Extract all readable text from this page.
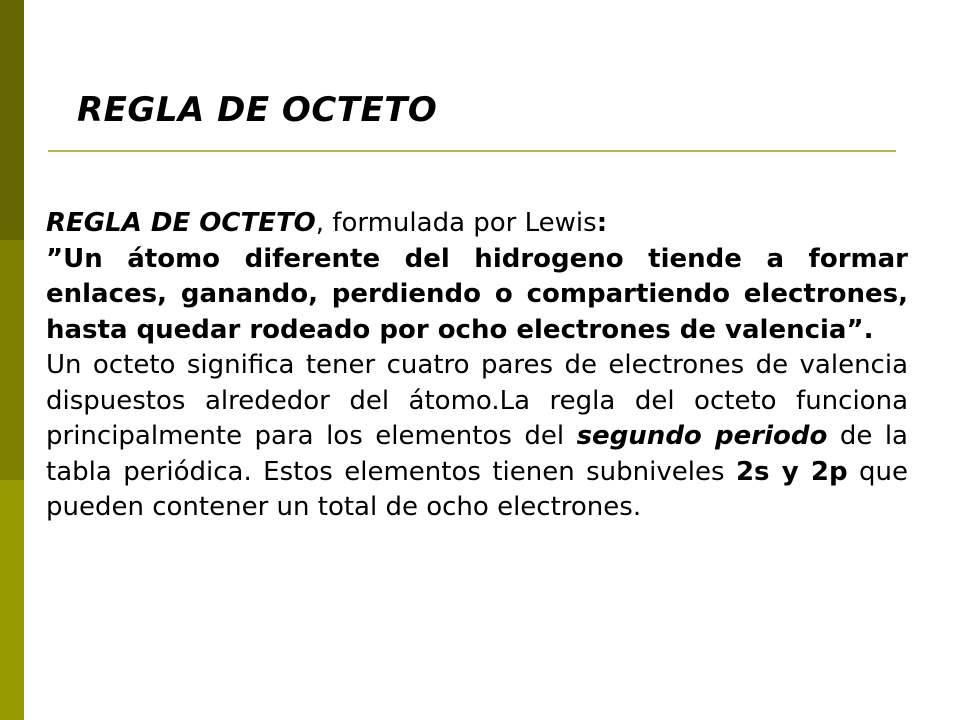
REGLA DE OCTETO

REGLA DE OCTETO, formulada por Lewis:

”Un átomo diferente del hidrogeno tiende a formar enlaces, ganando, perdiendo o compartiendo electrones, hasta quedar rodeado por ocho electrones de valencia”.

Un octeto significa tener cuatro pares de electrones de valencia dispuestos alrededor del átomo.La regla del octeto funciona principalmente para los elementos del segundo periodo de la tabla periódica. Estos elementos tienen subniveles 2s y 2p que pueden contener un total de ocho electrones.
